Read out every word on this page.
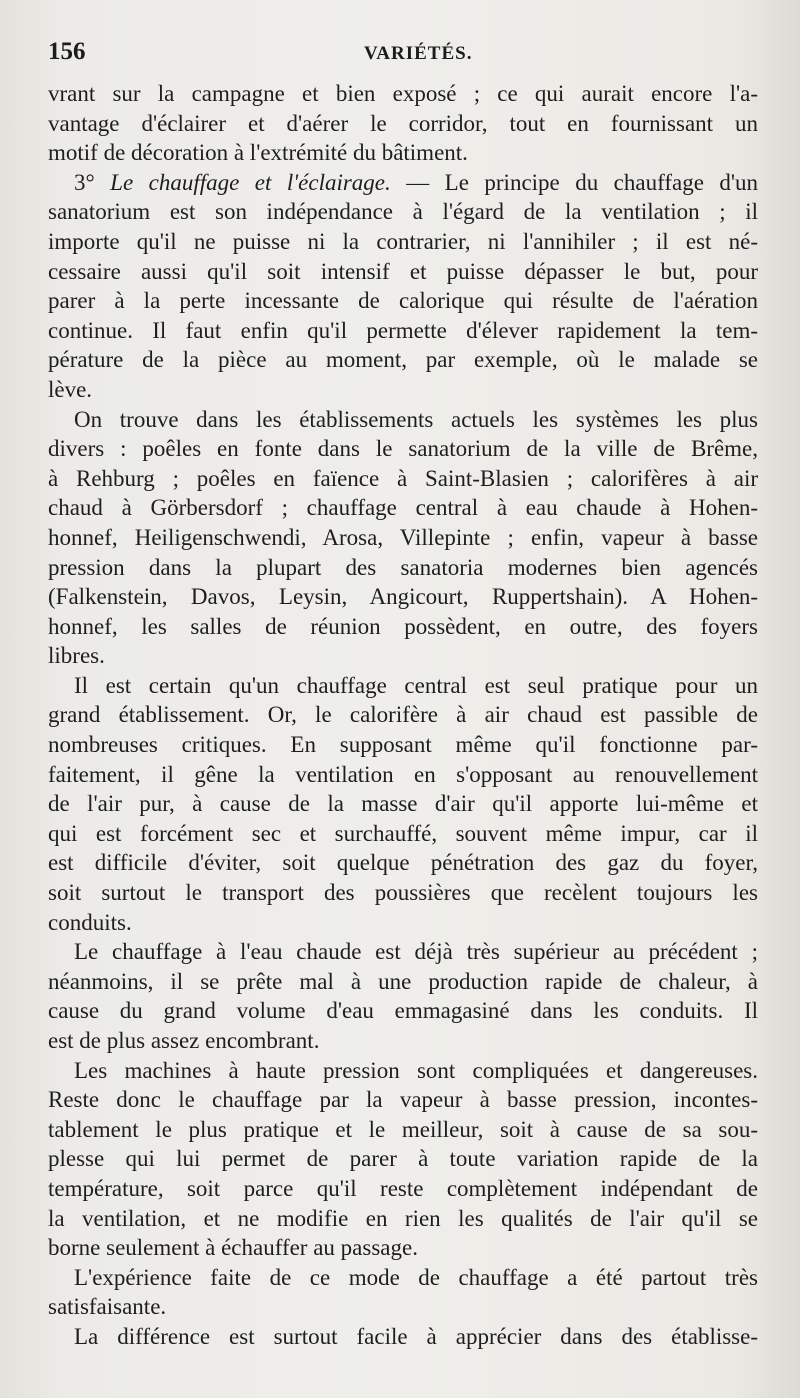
156	VARIÉTÉS.

vrant sur la campagne et bien exposé ; ce qui aurait encore l'a-
vantage d'éclairer et d'aérer le corridor, tout en fournissant un
motif de décoration à l'extrémité du bâtiment.

3° Le chauffage et l'éclairage. — Le principe du chauffage d'un
sanatorium est son indépendance à l'égard de la ventilation ; il
importe qu'il ne puisse ni la contrarier, ni l'annihiler ; il est né-
cessaire aussi qu'il soit intensif et puisse dépasser le but, pour
parer à la perte incessante de calorique qui résulte de l'aération
continue. Il faut enfin qu'il permette d'élever rapidement la tem-
pérature de la pièce au moment, par exemple, où le malade se
lève.

On trouve dans les établissements actuels les systèmes les plus
divers : poêles en fonte dans le sanatorium de la ville de Brême,
à Rehburg ; poêles en faïence à Saint-Blasien ; calorifères à air
chaud à Görbersdorf ; chauffage central à eau chaude à Hohen-
honnef, Heiligenschwendi, Arosa, Villepinte ; enfin, vapeur à basse
pression dans la plupart des sanatoria modernes bien agencés
(Falkenstein, Davos, Leysin, Angicourt, Ruppertshain). A Hohen-
honnef, les salles de réunion possèdent, en outre, des foyers
libres.

Il est certain qu'un chauffage central est seul pratique pour un
grand établissement. Or, le calorifère à air chaud est passible de
nombreuses critiques. En supposant même qu'il fonctionne par-
faitement, il gêne la ventilation en s'opposant au renouvellement
de l'air pur, à cause de la masse d'air qu'il apporte lui-même et
qui est forcément sec et surchauffé, souvent même impur, car il
est difficile d'éviter, soit quelque pénétration des gaz du foyer,
soit surtout le transport des poussières que recèlent toujours les
conduits.

Le chauffage à l'eau chaude est déjà très supérieur au précédent ;
néanmoins, il se prête mal à une production rapide de chaleur, à
cause du grand volume d'eau emmagasiné dans les conduits. Il
est de plus assez encombrant.

Les machines à haute pression sont compliquées et dangereuses.
Reste donc le chauffage par la vapeur à basse pression, incontes-
tablement le plus pratique et le meilleur, soit à cause de sa sou-
plesse qui lui permet de parer à toute variation rapide de la
température, soit parce qu'il reste complètement indépendant de
la ventilation, et ne modifie en rien les qualités de l'air qu'il se
borne seulement à échauffer au passage.

L'expérience faite de ce mode de chauffage a été partout très
satisfaisante.

La différence est surtout facile à apprécier dans des établisse-
